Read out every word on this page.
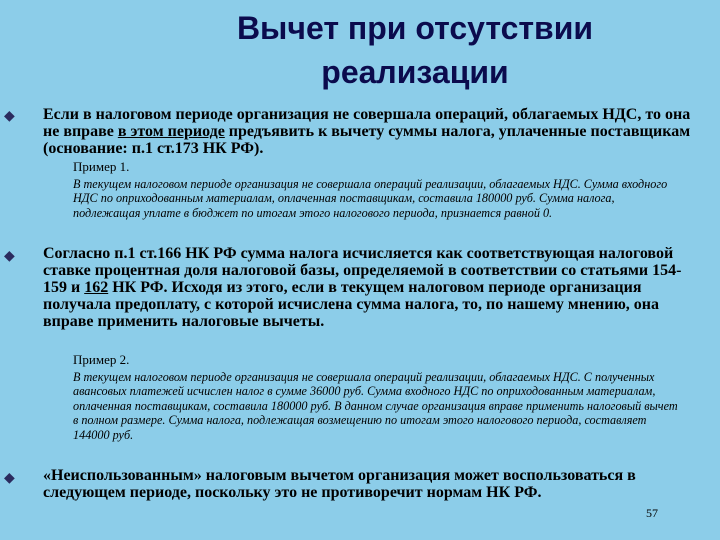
Вычет при отсутствии
реализации
◆ Если в налоговом периоде организация не совершала операций, облагаемых НДС, то она не вправе в этом периоде предъявить к вычету суммы налога, уплаченные поставщикам (основание: п.1 ст.173 НК РФ).
Пример 1.
В текущем налоговом периоде организация не совершала операций реализации, облагаемых НДС. Сумма входного НДС по оприходованным материалам, оплаченная поставщикам, составила 180000 руб. Сумма налога, подлежащая уплате в бюджет по итогам этого налогового периода, признается равной 0.
◆ Согласно п.1 ст.166 НК РФ сумма налога исчисляется как соответствующая налоговой ставке процентная доля налоговой базы, определяемой в соответствии со статьями 154-159 и 162 НК РФ. Исходя из этого, если в текущем налоговом периоде организация получала предоплату, с которой исчислена сумма налога, то, по нашему мнению, она вправе применить налоговые вычеты.
Пример 2.
В текущем налоговом периоде организация не совершала операций реализации, облагаемых НДС. С полученных авансовых платежей исчислен налог в сумме 36000 руб. Сумма входного НДС по оприходованным материалам, оплаченная поставщикам, составила 180000 руб. В данном случае организация вправе применить налоговый вычет в полном размере. Сумма налога, подлежащая возмещению по итогам этого налогового периода, составляет 144000 руб.
◆ «Неиспользованным» налоговым вычетом организация может воспользоваться в следующем периоде, поскольку это не противоречит нормам НК РФ.
57
